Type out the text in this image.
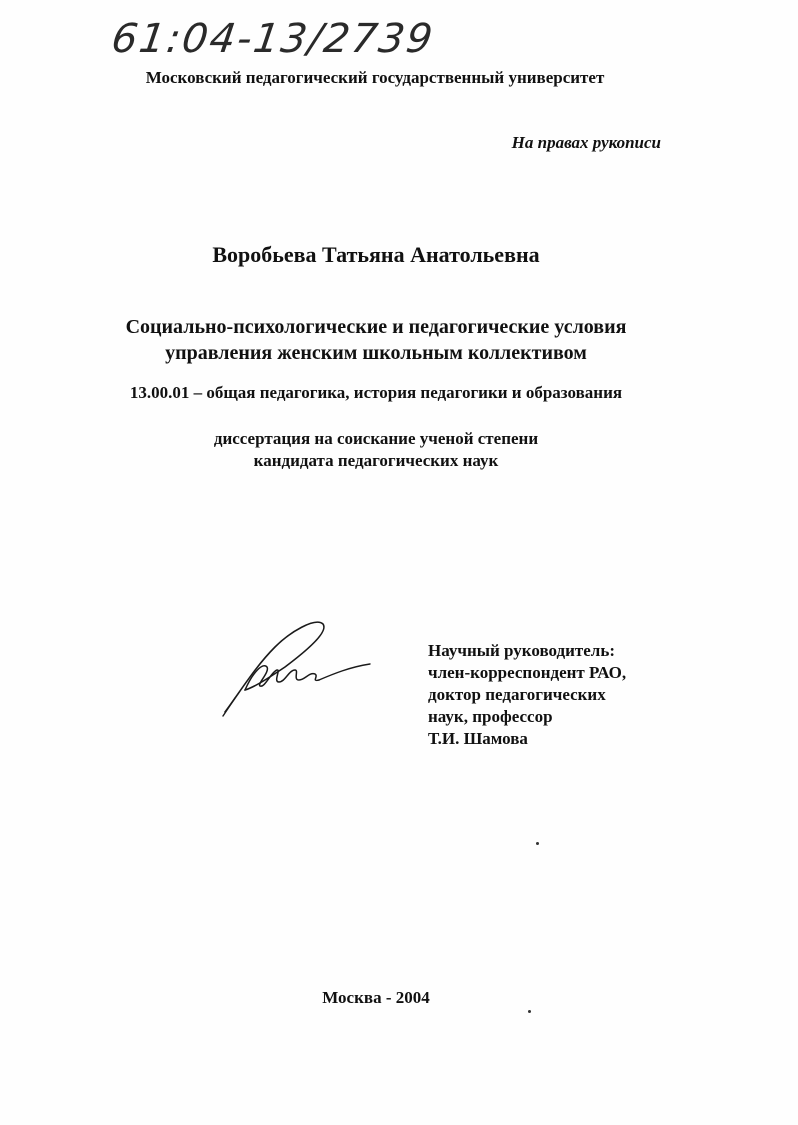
61:04-13/2739
Московский педагогический государственный университет
На правах рукописи
Воробьева Татьяна Анатольевна
Социально-психологические и педагогические условия
управления женским школьным коллективом
13.00.01 – общая педагогика, история педагогики и образования
диссертация на соискание ученой степени
кандидата педагогических наук
Научный руководитель:
член-корреспондент РАО,
доктор педагогических
наук, профессор
Т.И. Шамова
Москва - 2004
